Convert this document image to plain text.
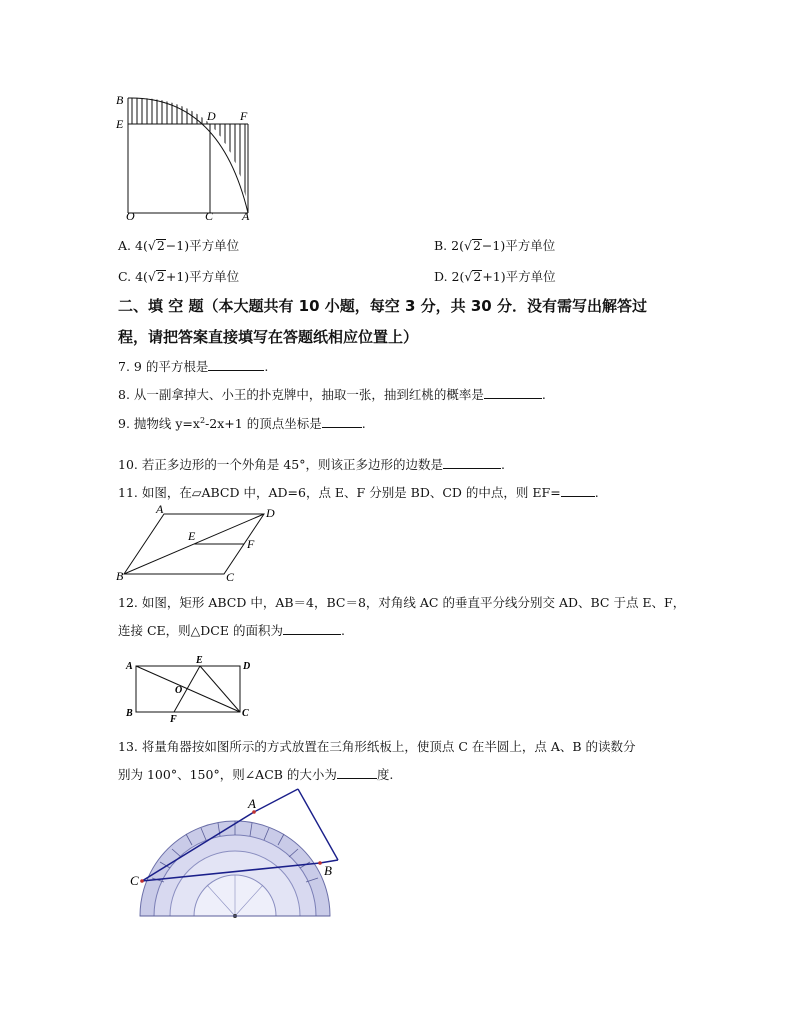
B
E
D F
O	C A
A. 4(√2−1)平方单位	B. 2(√2−1)平方单位
C. 4(√2+1)平方单位	D. 2(√2+1)平方单位
二、填 空 题（本大题共有 10 小题，每空 3 分，共 30 分．没有需写出解答过
程，请把答案直接填写在答题纸相应位置上）
7. 9 的平方根是	.
8. 从一副拿掉大、小王的扑克牌中，抽取一张，抽到红桃的概率是	.
9. 抛物线 $y=x^2-2x+1$ 的顶点坐标是	.
10. 若正多边形的一个外角是 45°，则该正多边形的边数是	.
11. 如图，在▱ABCD 中，AD=6，点 E、F 分别是 BD、CD 的中点，则 EF=	.
A	D
E
F
B	C
12. 如图，矩形 ABCD 中，AB＝4，BC＝8，对角线 AC 的垂直平分线分别交 AD、BC 于点 E、F，
连接 CE，则△DCE 的面积为	.
A
E
D
O
B
F
C
13. 将量角器按如图所示的方式放置在三角形纸板上，使顶点 C 在半圆上，点 A、B 的读数分
别为 100°、150°，则∠ACB 的大小为	度.
A
B
C
